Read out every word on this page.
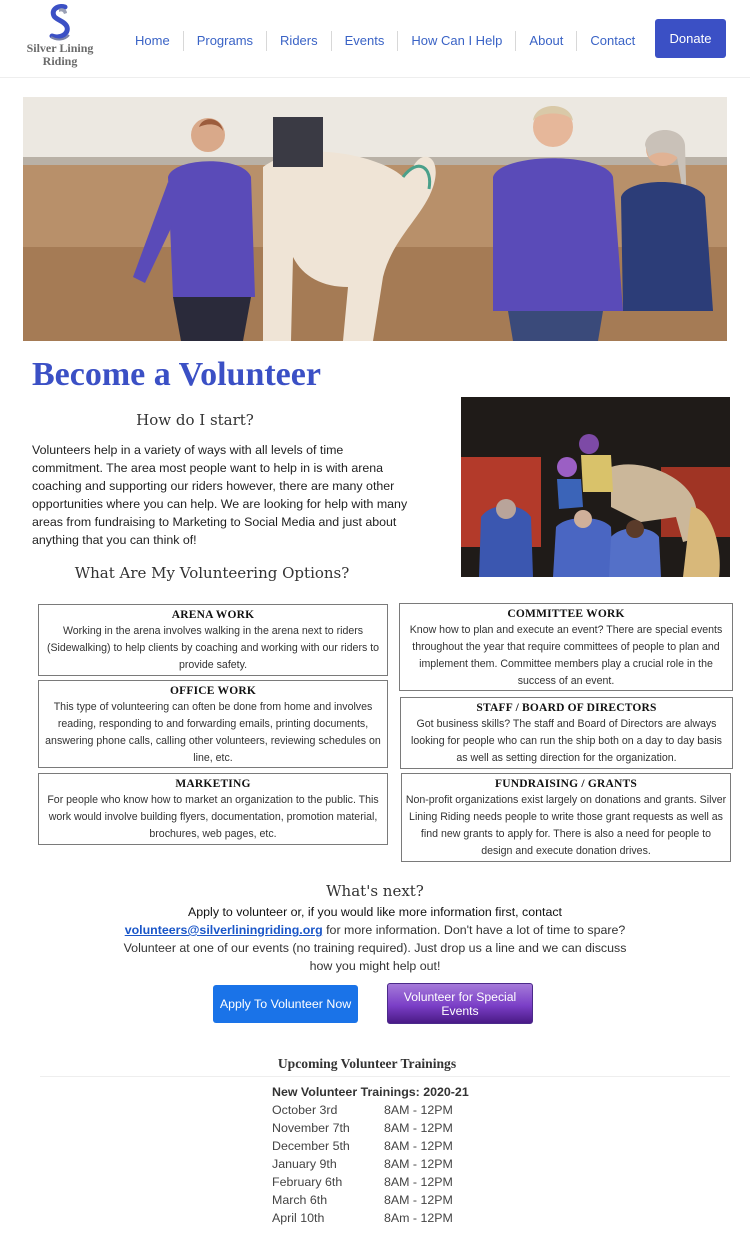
Silver Lining
Riding
Home	Programs	Riders	Events	How Can I Help	About	Contact	Donate
Become a Volunteer
How do I start?

Volunteers help in a variety of ways with all levels of time commitment. The area most people want to help in is with arena coaching and supporting our riders however, there are many other opportunities where you can help. We are looking for help with many areas from fundraising to Marketing to Social Media and just about anything that you can think of!

What Are My Volunteering Options?
ARENA WORK
Working in the arena involves walking in the arena next to riders (Sidewalking) to help clients by coaching and working with our riders to provide safety.
COMMITTEE WORK
Know how to plan and execute an event? There are special events throughout the year that require committees of people to plan and implement them. Committee members play a crucial role in the success of an event.
OFFICE WORK
This type of volunteering can often be done from home and involves reading, responding to and forwarding emails, printing documents, answering phone calls, calling other volunteers, reviewing schedules on line, etc.
STAFF / BOARD OF DIRECTORS
Got business skills? The staff and Board of Directors are always looking for people who can run the ship both on a day to day basis as well as setting direction for the organization.
MARKETING
For people who know how to market an organization to the public. This work would involve building flyers, documentation, promotion material, brochures, web pages, etc.
FUNDRAISING / GRANTS
Non-profit organizations exist largely on donations and grants. Silver Lining Riding needs people to write those grant requests as well as find new grants to apply for. There is also a need for people to design and execute donation drives.
What's next?

Apply to volunteer or, if you would like more information first, contact
volunteers@silverliningriding.org for more information. Don't have a lot of time to spare? Volunteer at one of our events (no training required). Just drop us a line and we can discuss how you might help out!

Apply To Volunteer Now
Volunteer for Special Events
Upcoming Volunteer Trainings
New Volunteer Trainings: 2020-21
October 3rd	8AM - 12PM
November 7th	8AM - 12PM
December 5th	8AM - 12PM
January 9th	8AM - 12PM
February 6th	8AM - 12PM
March 6th	8AM - 12PM
April 10th	8Am - 12PM
